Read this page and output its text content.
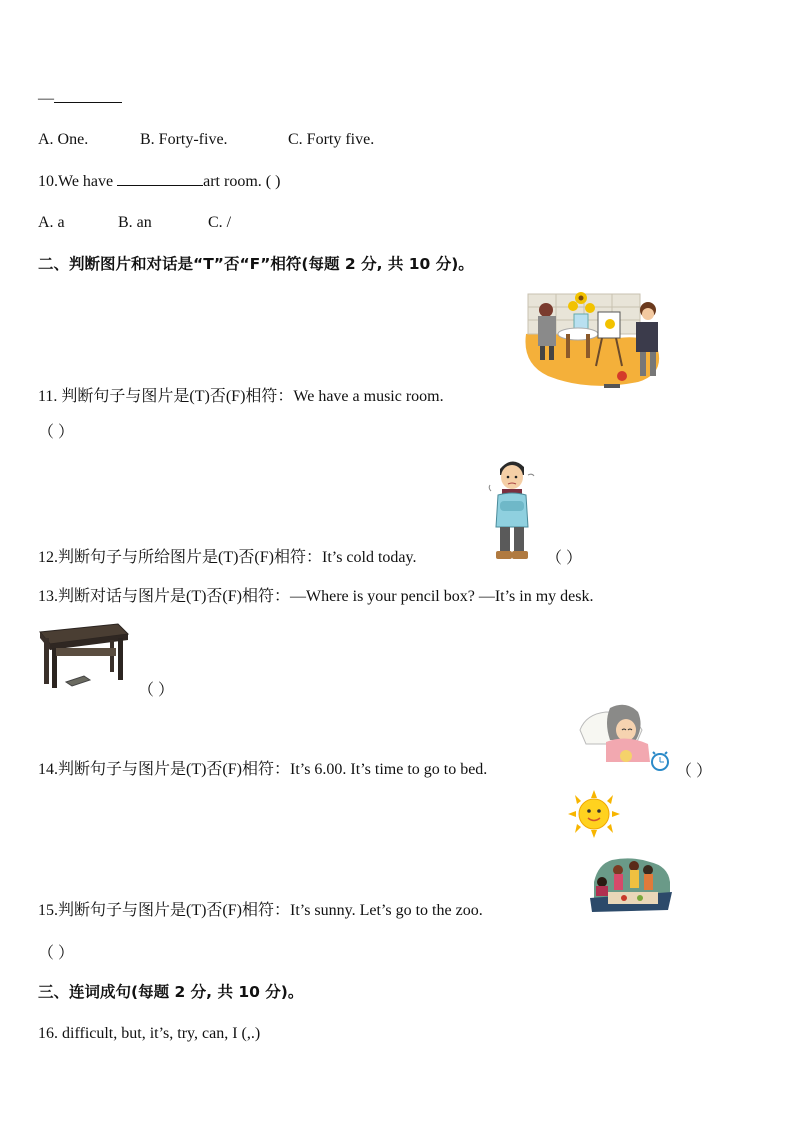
—
A. One.	B. Forty-five.	C. Forty five.
10.We have	art room. ( )
A. a	B. an	C. /
二、判断图片和对话是“T”否“F”相符(每题 2 分, 共 10 分)。
11. 判断句子与图片是(T)否(F)相符：We have a music room.
（ ）
12.判断句子与所给图片是(T)否(F)相符：It’s cold today.	（ ）
13.判断对话与图片是(T)否(F)相符：—Where is your pencil box? —It’s in my desk.
（ ）
14.判断句子与图片是(T)否(F)相符：It’s 6.00. It’s time to go to bed.	（ ）
15.判断句子与图片是(T)否(F)相符：It’s sunny. Let’s go to the zoo.
（ ）
三、连词成句(每题 2 分, 共 10 分)。
16. difficult, but, it’s, try, can, I (,.)
